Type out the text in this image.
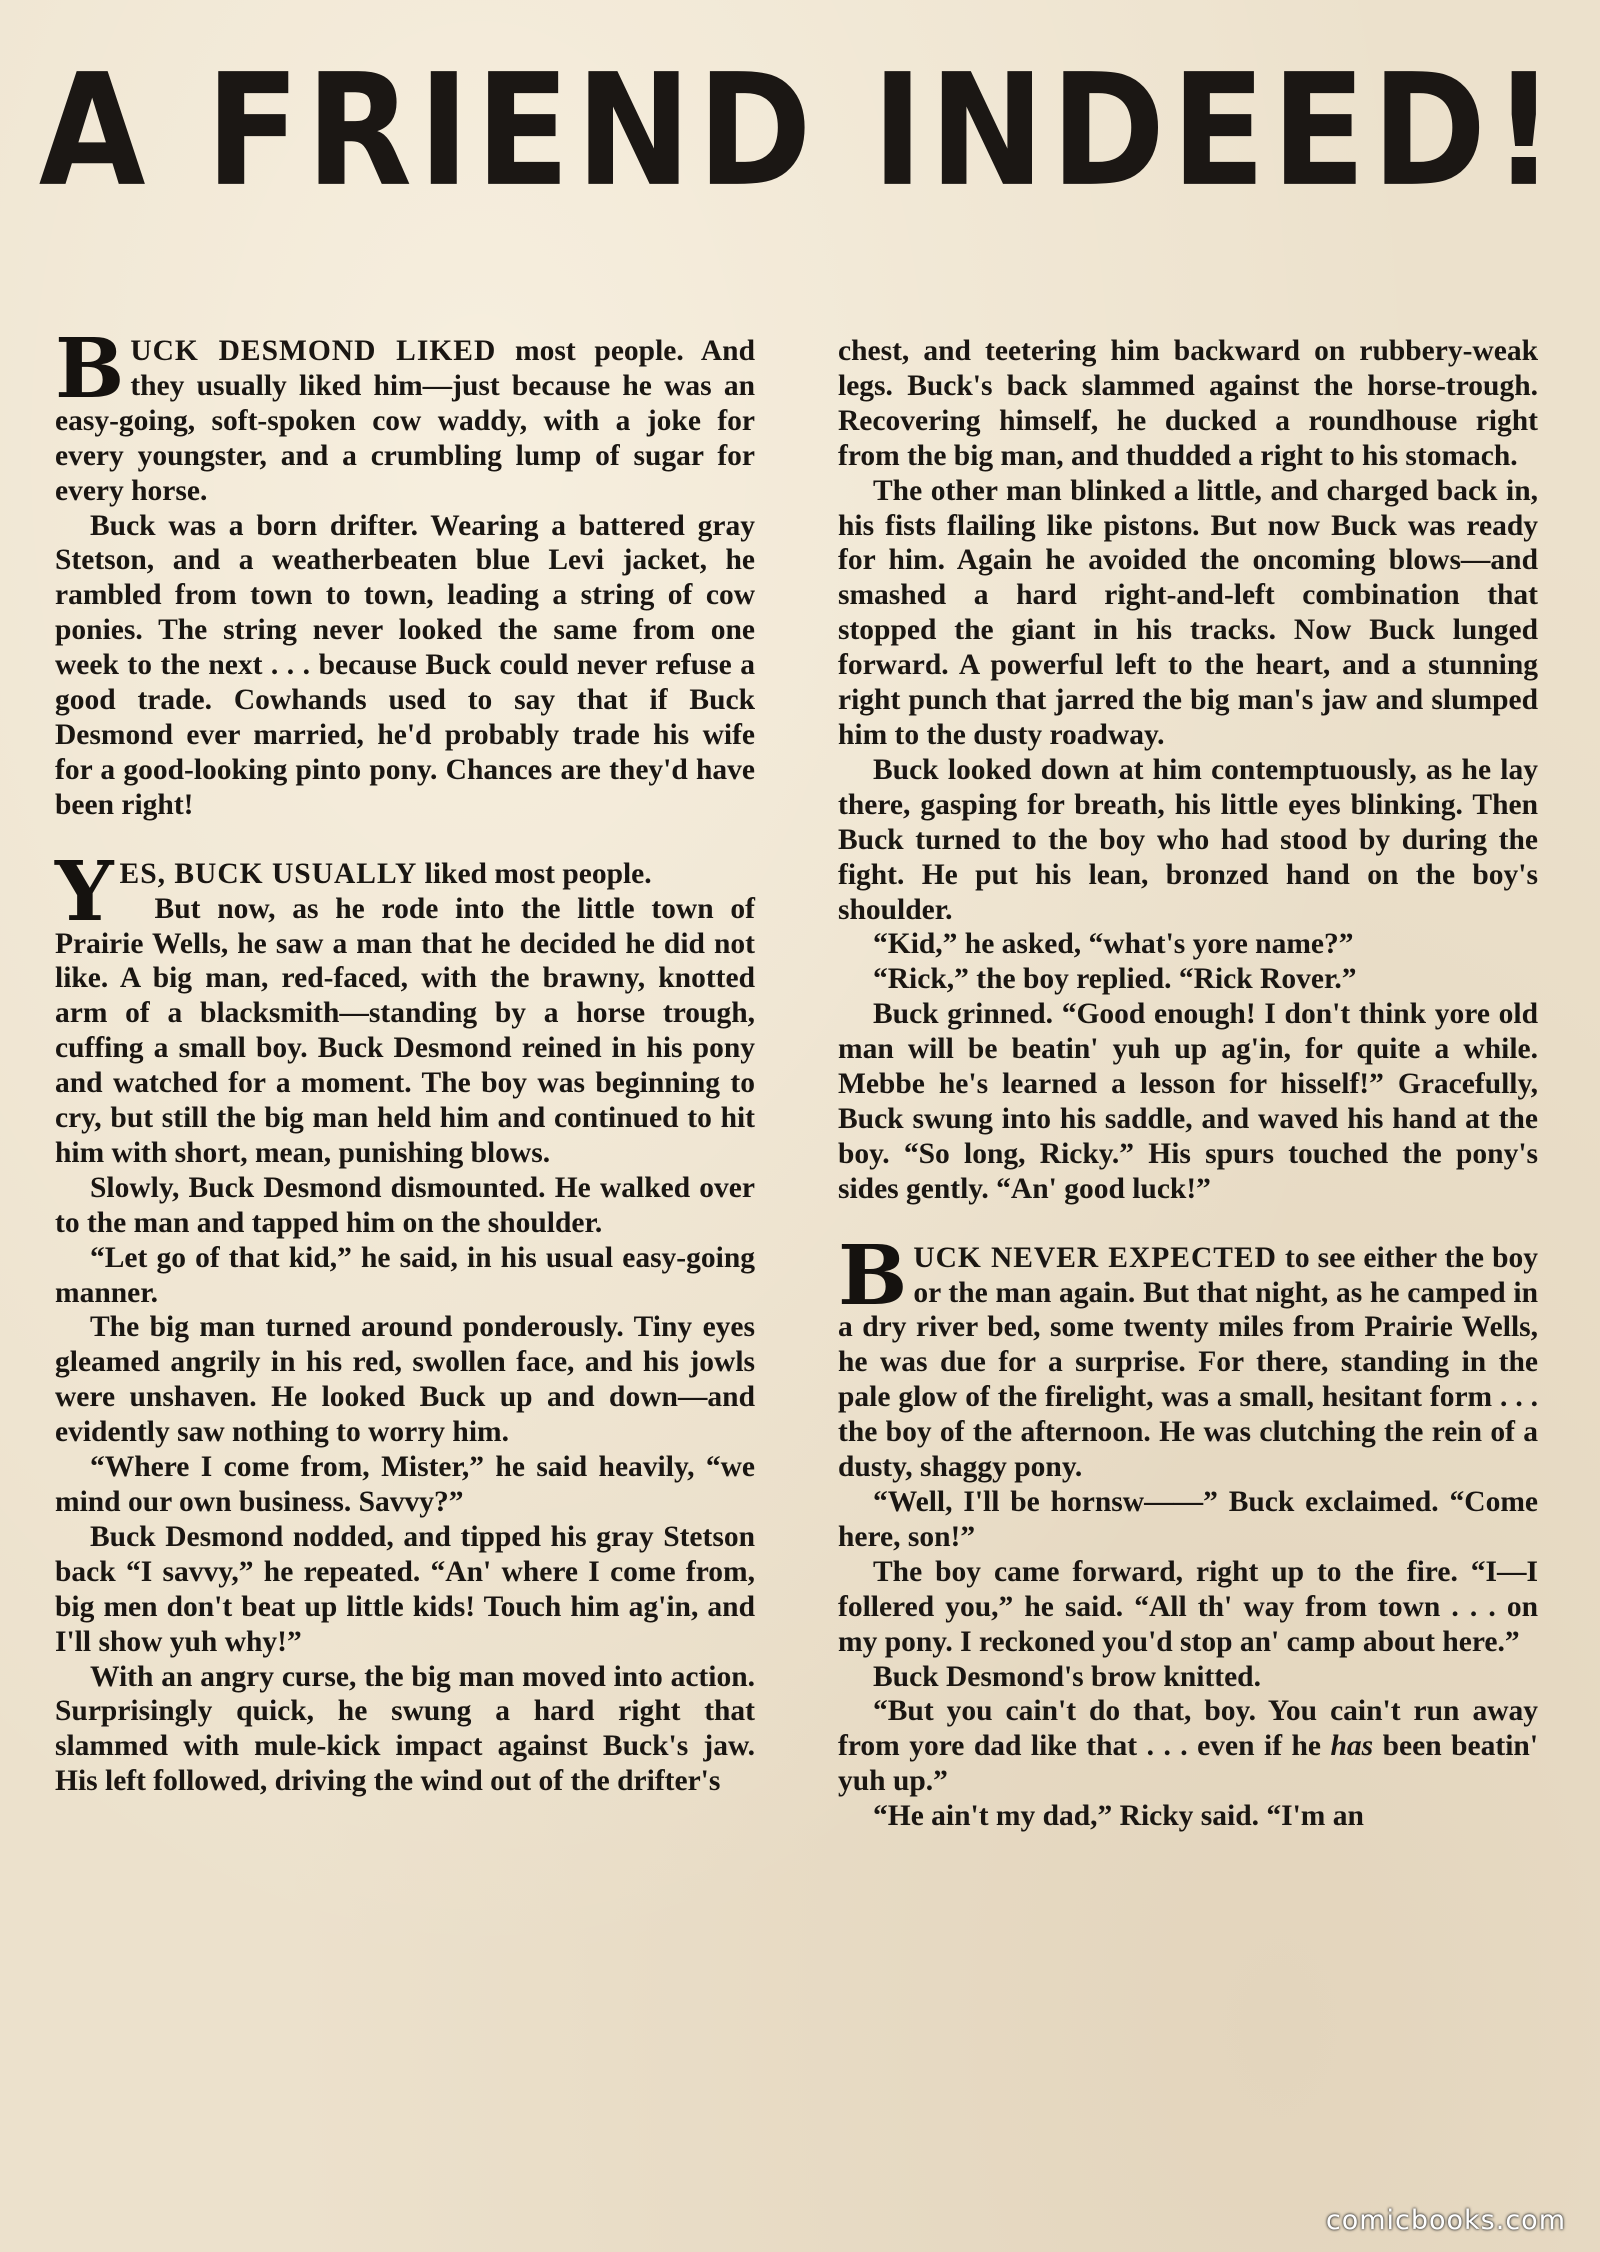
A FRIEND INDEED!

BUCK DESMOND LIKED most people. And they usually liked him—just because he was an easy-going, soft-spoken cow waddy, with a joke for every youngster, and a crumbling lump of sugar for every horse.

Buck was a born drifter. Wearing a battered gray Stetson, and a weatherbeaten blue Levi jacket, he rambled from town to town, leading a string of cow ponies. The string never looked the same from one week to the next . . . because Buck could never refuse a good trade. Cowhands used to say that if Buck Desmond ever married, he'd probably trade his wife for a good-looking pinto pony. Chances are they'd have been right!

YES, BUCK USUALLY liked most people.

But now, as he rode into the little town of Prairie Wells, he saw a man that he decided he did not like. A big man, red-faced, with the brawny, knotted arm of a blacksmith—standing by a horse trough, cuffing a small boy. Buck Desmond reined in his pony and watched for a moment. The boy was beginning to cry, but still the big man held him and continued to hit him with short, mean, punishing blows.

Slowly, Buck Desmond dismounted. He walked over to the man and tapped him on the shoulder.

“Let go of that kid,” he said, in his usual easy-going manner.

The big man turned around ponderously. Tiny eyes gleamed angrily in his red, swollen face, and his jowls were unshaven. He looked Buck up and down—and evidently saw nothing to worry him.

“Where I come from, Mister,” he said heavily, “we mind our own business. Savvy?”

Buck Desmond nodded, and tipped his gray Stetson back “I savvy,” he repeated. “An' where I come from, big men don't beat up little kids! Touch him ag'in, and I'll show yuh why!”

With an angry curse, the big man moved into action. Surprisingly quick, he swung a hard right that slammed with mule-kick impact against Buck's jaw. His left followed, driving the wind out of the drifter's

chest, and teetering him backward on rubbery-weak legs. Buck's back slammed against the horse-trough. Recovering himself, he ducked a roundhouse right from the big man, and thudded a right to his stomach.

The other man blinked a little, and charged back in, his fists flailing like pistons. But now Buck was ready for him. Again he avoided the oncoming blows—and smashed a hard right-and-left combination that stopped the giant in his tracks. Now Buck lunged forward. A powerful left to the heart, and a stunning right punch that jarred the big man's jaw and slumped him to the dusty roadway.

Buck looked down at him contemptuously, as he lay there, gasping for breath, his little eyes blinking. Then Buck turned to the boy who had stood by during the fight. He put his lean, bronzed hand on the boy's shoulder.

“Kid,” he asked, “what's yore name?”

“Rick,” the boy replied. “Rick Rover.”

Buck grinned. “Good enough! I don't think yore old man will be beatin' yuh up ag'in, for quite a while. Mebbe he's learned a lesson for hisself!” Gracefully, Buck swung into his saddle, and waved his hand at the boy. “So long, Ricky.” His spurs touched the pony's sides gently. “An' good luck!”

BUCK NEVER EXPECTED to see either the boy or the man again. But that night, as he camped in a dry river bed, some twenty miles from Prairie Wells, he was due for a surprise. For there, standing in the pale glow of the firelight, was a small, hesitant form . . . the boy of the afternoon. He was clutching the rein of a dusty, shaggy pony.

“Well, I'll be hornsw——” Buck exclaimed. “Come here, son!”

The boy came forward, right up to the fire. “I—I follered you,” he said. “All th' way from town . . . on my pony. I reckoned you'd stop an' camp about here.”

Buck Desmond's brow knitted.

“But you cain't do that, boy. You cain't run away from yore dad like that . . . even if he has been beatin' yuh up.”

“He ain't my dad,” Ricky said. “I'm an

comicbooks.com
